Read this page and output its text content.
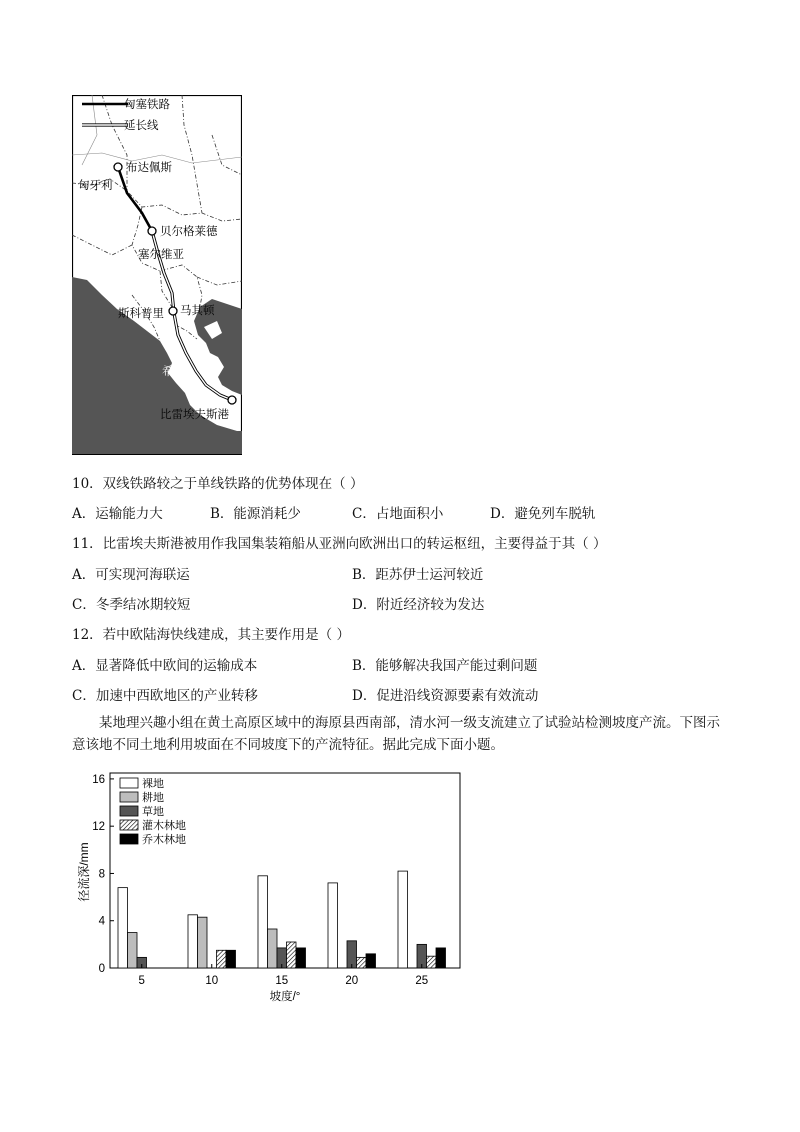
匈塞铁路
延长线
布达佩斯
匈牙利
贝尔格莱德
塞尔维亚
斯科普里 马其顿
希腊
比雷埃夫斯港
10．双线铁路较之于单线铁路的优势体现在（ ）
A．运输能力大	B．能源消耗少	C．占地面积小	D．避免列车脱轨
11．比雷埃夫斯港被用作我国集装箱船从亚洲向欧洲出口的转运枢纽，主要得益于其（ ）
A．可实现河海联运	B．距苏伊士运河较近
C．冬季结冰期较短	D．附近经济较为发达
12．若中欧陆海快线建成，其主要作用是（ ）
A．显著降低中欧间的运输成本	B．能够解决我国产能过剩问题
C．加速中西欧地区的产业转移	D．促进沿线资源要素有效流动
某地理兴趣小组在黄土高原区域中的海原县西南部，清水河一级支流建立了试验站检测坡度产流。下图示意该地不同土地利用坡面在不同坡度下的产流特征。据此完成下面小题。
裸地
耕地
草地
灌木林地
乔木林地
0
4
8
12
16
5	10	15	20	25
坡度/°
径流深/mm
